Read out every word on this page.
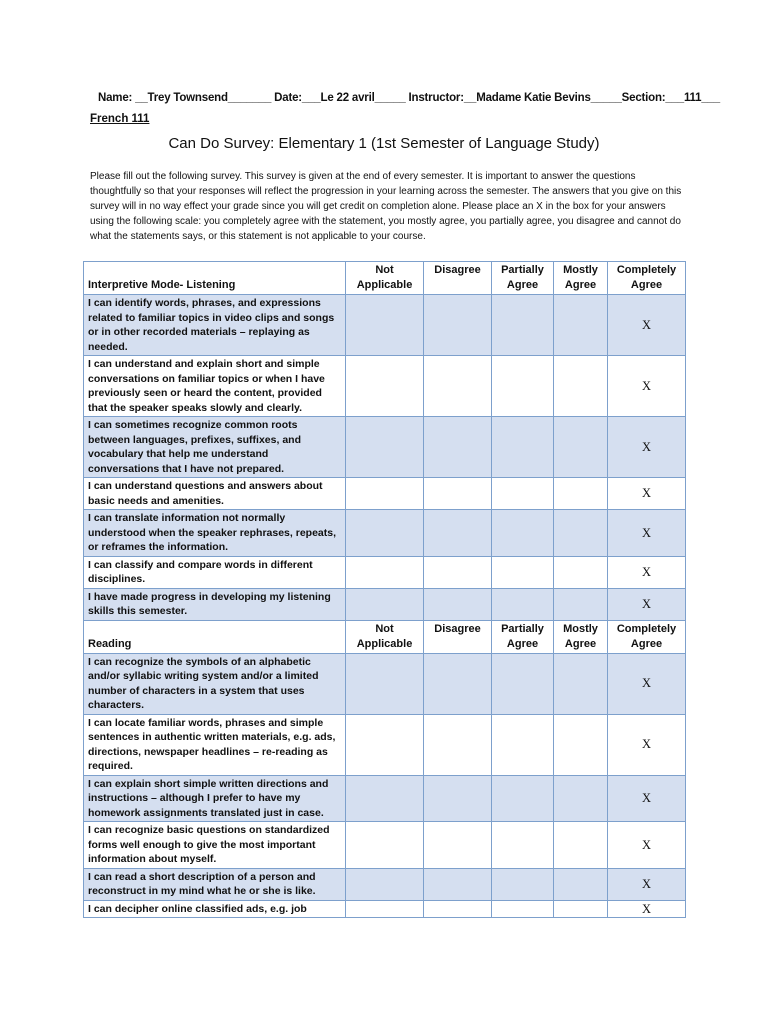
Name: __Trey Townsend_______ Date:___Le 22 avril_____ Instructor:__Madame Katie Bevins_____Section:___111___
French 111
Can Do Survey: Elementary 1 (1st Semester of Language Study)
Please fill out the following survey. This survey is given at the end of every semester. It is important to answer the questions thoughtfully so that your responses will reflect the progression in your learning across the semester. The answers that you give on this survey will in no way effect your grade since you will get credit on completion alone. Please place an X in the box for your answers using the following scale: you completely agree with the statement, you mostly agree, you partially agree, you disagree and cannot do what the statements says, or this statement is not applicable to your course.
Interpretive Mode- Listening	Not Applicable	Disagree	Partially Agree	Mostly Agree	Completely Agree
I can identify words, phrases, and expressions related to familiar topics in video clips and songs or in other recorded materials – replaying as needed.					X
I can understand and explain short and simple conversations on familiar topics or when I have previously seen or heard the content, provided that the speaker speaks slowly and clearly.					X
I can sometimes recognize common roots between languages, prefixes, suffixes, and vocabulary that help me understand conversations that I have not prepared.					X
I can understand questions and answers about basic needs and amenities.					X
I can translate information not normally understood when the speaker rephrases, repeats, or reframes the information.					X
I can classify and compare words in different disciplines.					X
I have made progress in developing my listening skills this semester.					X
Reading	Not Applicable	Disagree	Partially Agree	Mostly Agree	Completely Agree
I can recognize the symbols of an alphabetic and/or syllabic writing system and/or a limited number of characters in a system that uses characters.					X
I can locate familiar words, phrases and simple sentences in authentic written materials, e.g. ads, directions, newspaper headlines – re-reading as required.					X
I can explain short simple written directions and instructions – although I prefer to have my homework assignments translated just in case.					X
I can recognize basic questions on standardized forms well enough to give the most important information about myself.					X
I can read a short description of a person and reconstruct in my mind what he or she is like.					X
I can decipher online classified ads, e.g. job					X
